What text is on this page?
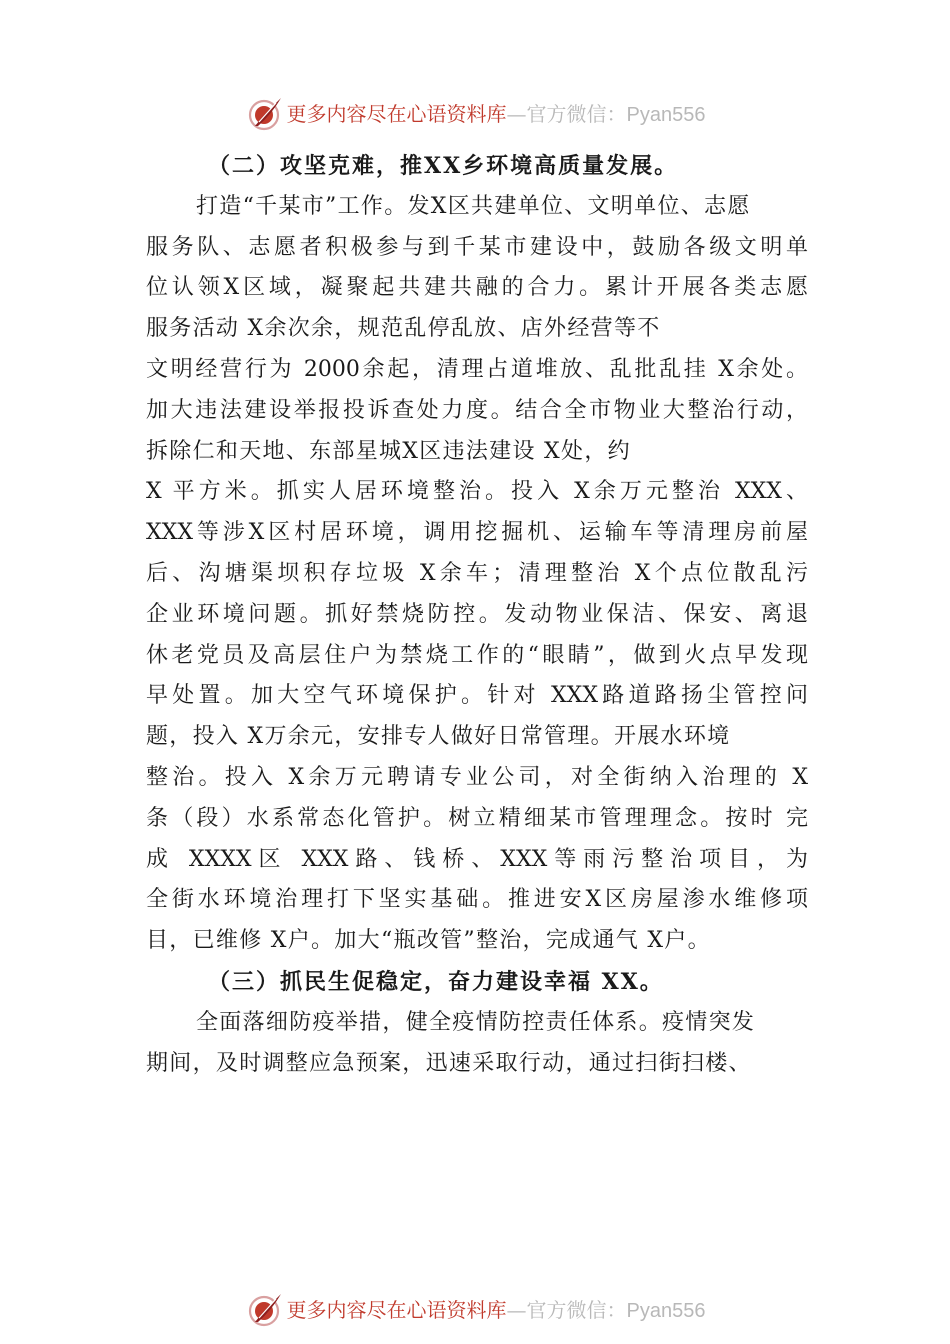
更多内容尽在心语资料库—官方微信：Pyan556
（二）攻坚克难，推XX乡环境高质量发展。
打造“千某市”工作。发X区共建单位、文明单位、志愿
服务队、志愿者积极参与到千某市建设中，鼓励各级文明单
位认领X区域，凝聚起共建共融的合力。累计开展各类志愿
服务活动 X余次余，规范乱停乱放、店外经营等不
文明经营行为 2000余起，清理占道堆放、乱批乱挂 X余处。
加大违法建设举报投诉查处力度。结合全市物业大整治行动，
拆除仁和天地、东部星城X区违法建设 X处，约
X 平方米。抓实人居环境整治。投入 X余万元整治 XXX、
XXX等涉X区村居环境，调用挖掘机、运输车等清理房前屋
后、沟塘渠坝积存垃圾 X余车；清理整治 X个点位散乱污
企业环境问题。抓好禁烧防控。发动物业保洁、保安、离退
休老党员及高层住户为禁烧工作的“眼睛”，做到火点早发现
早处置。加大空气环境保护。针对 XXX路道路扬尘管控问
题，投入 X万余元，安排专人做好日常管理。开展水环境
整治。投入 X余万元聘请专业公司，对全街纳入治理的 X
条（段）水系常态化管护。树立精细某市管理理念。按时 完
成 XXXX区 XXX路、钱桥、XXX等雨污整治项目，为
全街水环境治理打下坚实基础。推进安X区房屋渗水维修项
目，已维修 X户。加大“瓶改管”整治，完成通气 X户。
（三）抓民生促稳定，奋力建设幸福 XX。
全面落细防疫举措，健全疫情防控责任体系。疫情突发
期间，及时调整应急预案，迅速采取行动，通过扫街扫楼、
更多内容尽在心语资料库—官方微信：Pyan556
